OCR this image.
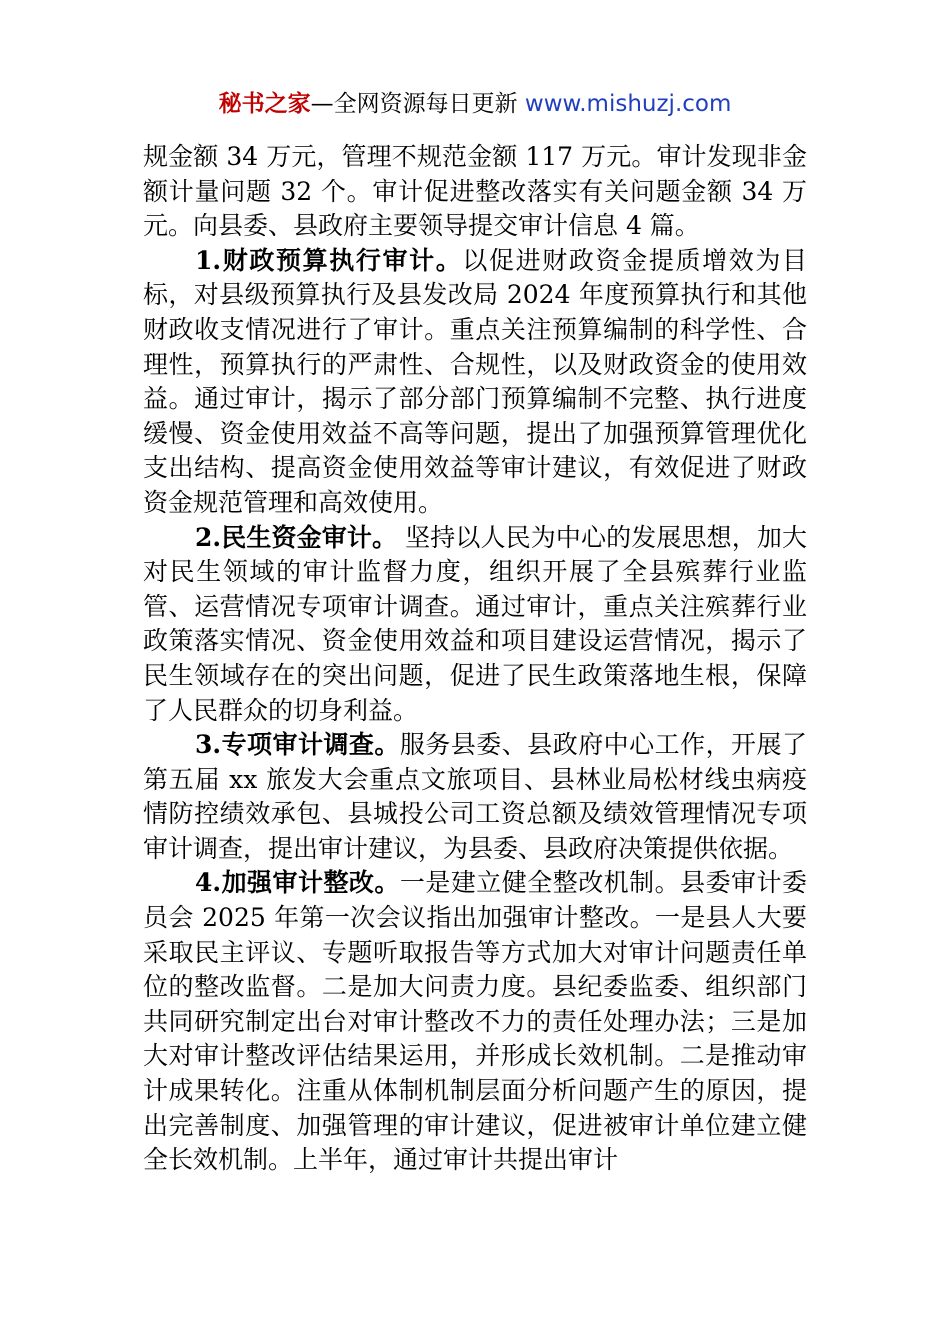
秘书之家—全网资源每日更新 www.mishuzj.com

规金额 34 万元，管理不规范金额 117 万元。审计发现非金额计量问题 32 个。审计促进整改落实有关问题金额 34 万元。向县委、县政府主要领导提交审计信息 4 篇。

1.财政预算执行审计。以促进财政资金提质增效为目标，对县级预算执行及县发改局 2024 年度预算执行和其他财政收支情况进行了审计。重点关注预算编制的科学性、合理性，预算执行的严肃性、合规性，以及财政资金的使用效益。通过审计，揭示了部分部门预算编制不完整、执行进度缓慢、资金使用效益不高等问题，提出了加强预算管理优化支出结构、提高资金使用效益等审计建议，有效促进了财政资金规范管理和高效使用。

2.民生资金审计。 坚持以人民为中心的发展思想，加大对民生领域的审计监督力度，组织开展了全县殡葬行业监管、运营情况专项审计调查。通过审计，重点关注殡葬行业政策落实情况、资金使用效益和项目建设运营情况，揭示了民生领域存在的突出问题，促进了民生政策落地生根，保障了人民群众的切身利益。

3.专项审计调查。服务县委、县政府中心工作，开展了第五届 xx 旅发大会重点文旅项目、县林业局松材线虫病疫情防控绩效承包、县城投公司工资总额及绩效管理情况专项审计调查，提出审计建议，为县委、县政府决策提供依据。

4.加强审计整改。一是建立健全整改机制。县委审计委员会 2025 年第一次会议指出加强审计整改。一是县人大要采取民主评议、专题听取报告等方式加大对审计问题责任单位的整改监督。二是加大问责力度。县纪委监委、组织部门共同研究制定出台对审计整改不力的责任处理办法；三是加大对审计整改评估结果运用，并形成长效机制。二是推动审计成果转化。注重从体制机制层面分析问题产生的原因，提出完善制度、加强管理的审计建议，促进被审计单位建立健全长效机制。上半年，通过审计共提出审计
